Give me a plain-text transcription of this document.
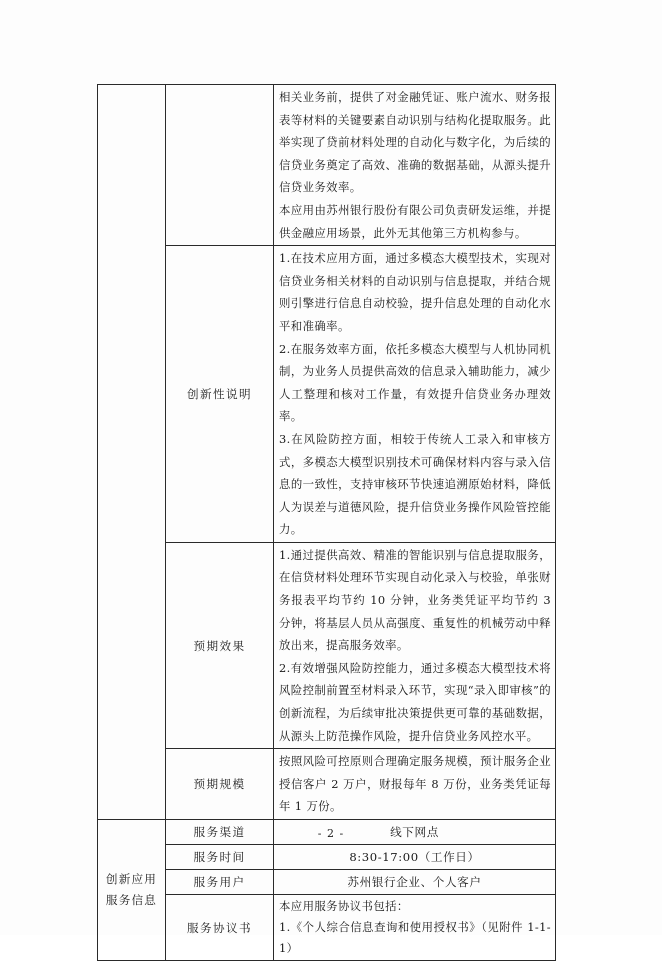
		相关业务前，提供了对金融凭证、账户流水、财务报表等材料的关键要素自动识别与结构化提取服务。此举实现了贷前材料处理的自动化与数字化，为后续的信贷业务奠定了高效、准确的数据基础，从源头提升信贷业务效率。

本应用由苏州银行股份有限公司负责研发运维，并提供金融应用场景，此外无其他第三方机构参与。

	创新性说明	1.在技术应用方面，通过多模态大模型技术，实现对信贷业务相关材料的自动识别与信息提取，并结合规则引擎进行信息自动校验，提升信息处理的自动化水平和准确率。

2.在服务效率方面，依托多模态大模型与人机协同机制，为业务人员提供高效的信息录入辅助能力，减少人工整理和核对工作量，有效提升信贷业务办理效率。

3.在风险防控方面，相较于传统人工录入和审核方式，多模态大模型识别技术可确保材料内容与录入信息的一致性，支持审核环节快速追溯原始材料，降低人为误差与道德风险，提升信贷业务操作风险管控能力。

	预期效果	1.通过提供高效、精准的智能识别与信息提取服务，在信贷材料处理环节实现自动化录入与校验，单张财务报表平均节约 10 分钟，业务类凭证平均节约 3 分钟，将基层人员从高强度、重复性的机械劳动中释放出来，提高服务效率。

2.有效增强风险防控能力，通过多模态大模型技术将风险控制前置至材料录入环节，实现“录入即审核”的创新流程，为后续审批决策提供更可靠的基础数据，从源头上防范操作风险，提升信贷业务风控水平。

	预期规模	按照风险可控原则合理确定服务规模，预计服务企业授信客户 2 万户，财报每年 8 万份，业务类凭证每年 1 万份。

创新应用服务信息	服务渠道	线下网点
	服务时间	8:30-17:00（工作日）
	服务用户	苏州银行企业、个人客户
	服务协议书	本应用服务协议书包括：

1.《个人综合信息查询和使用授权书》（见附件 1-1-1）

- 2 -
